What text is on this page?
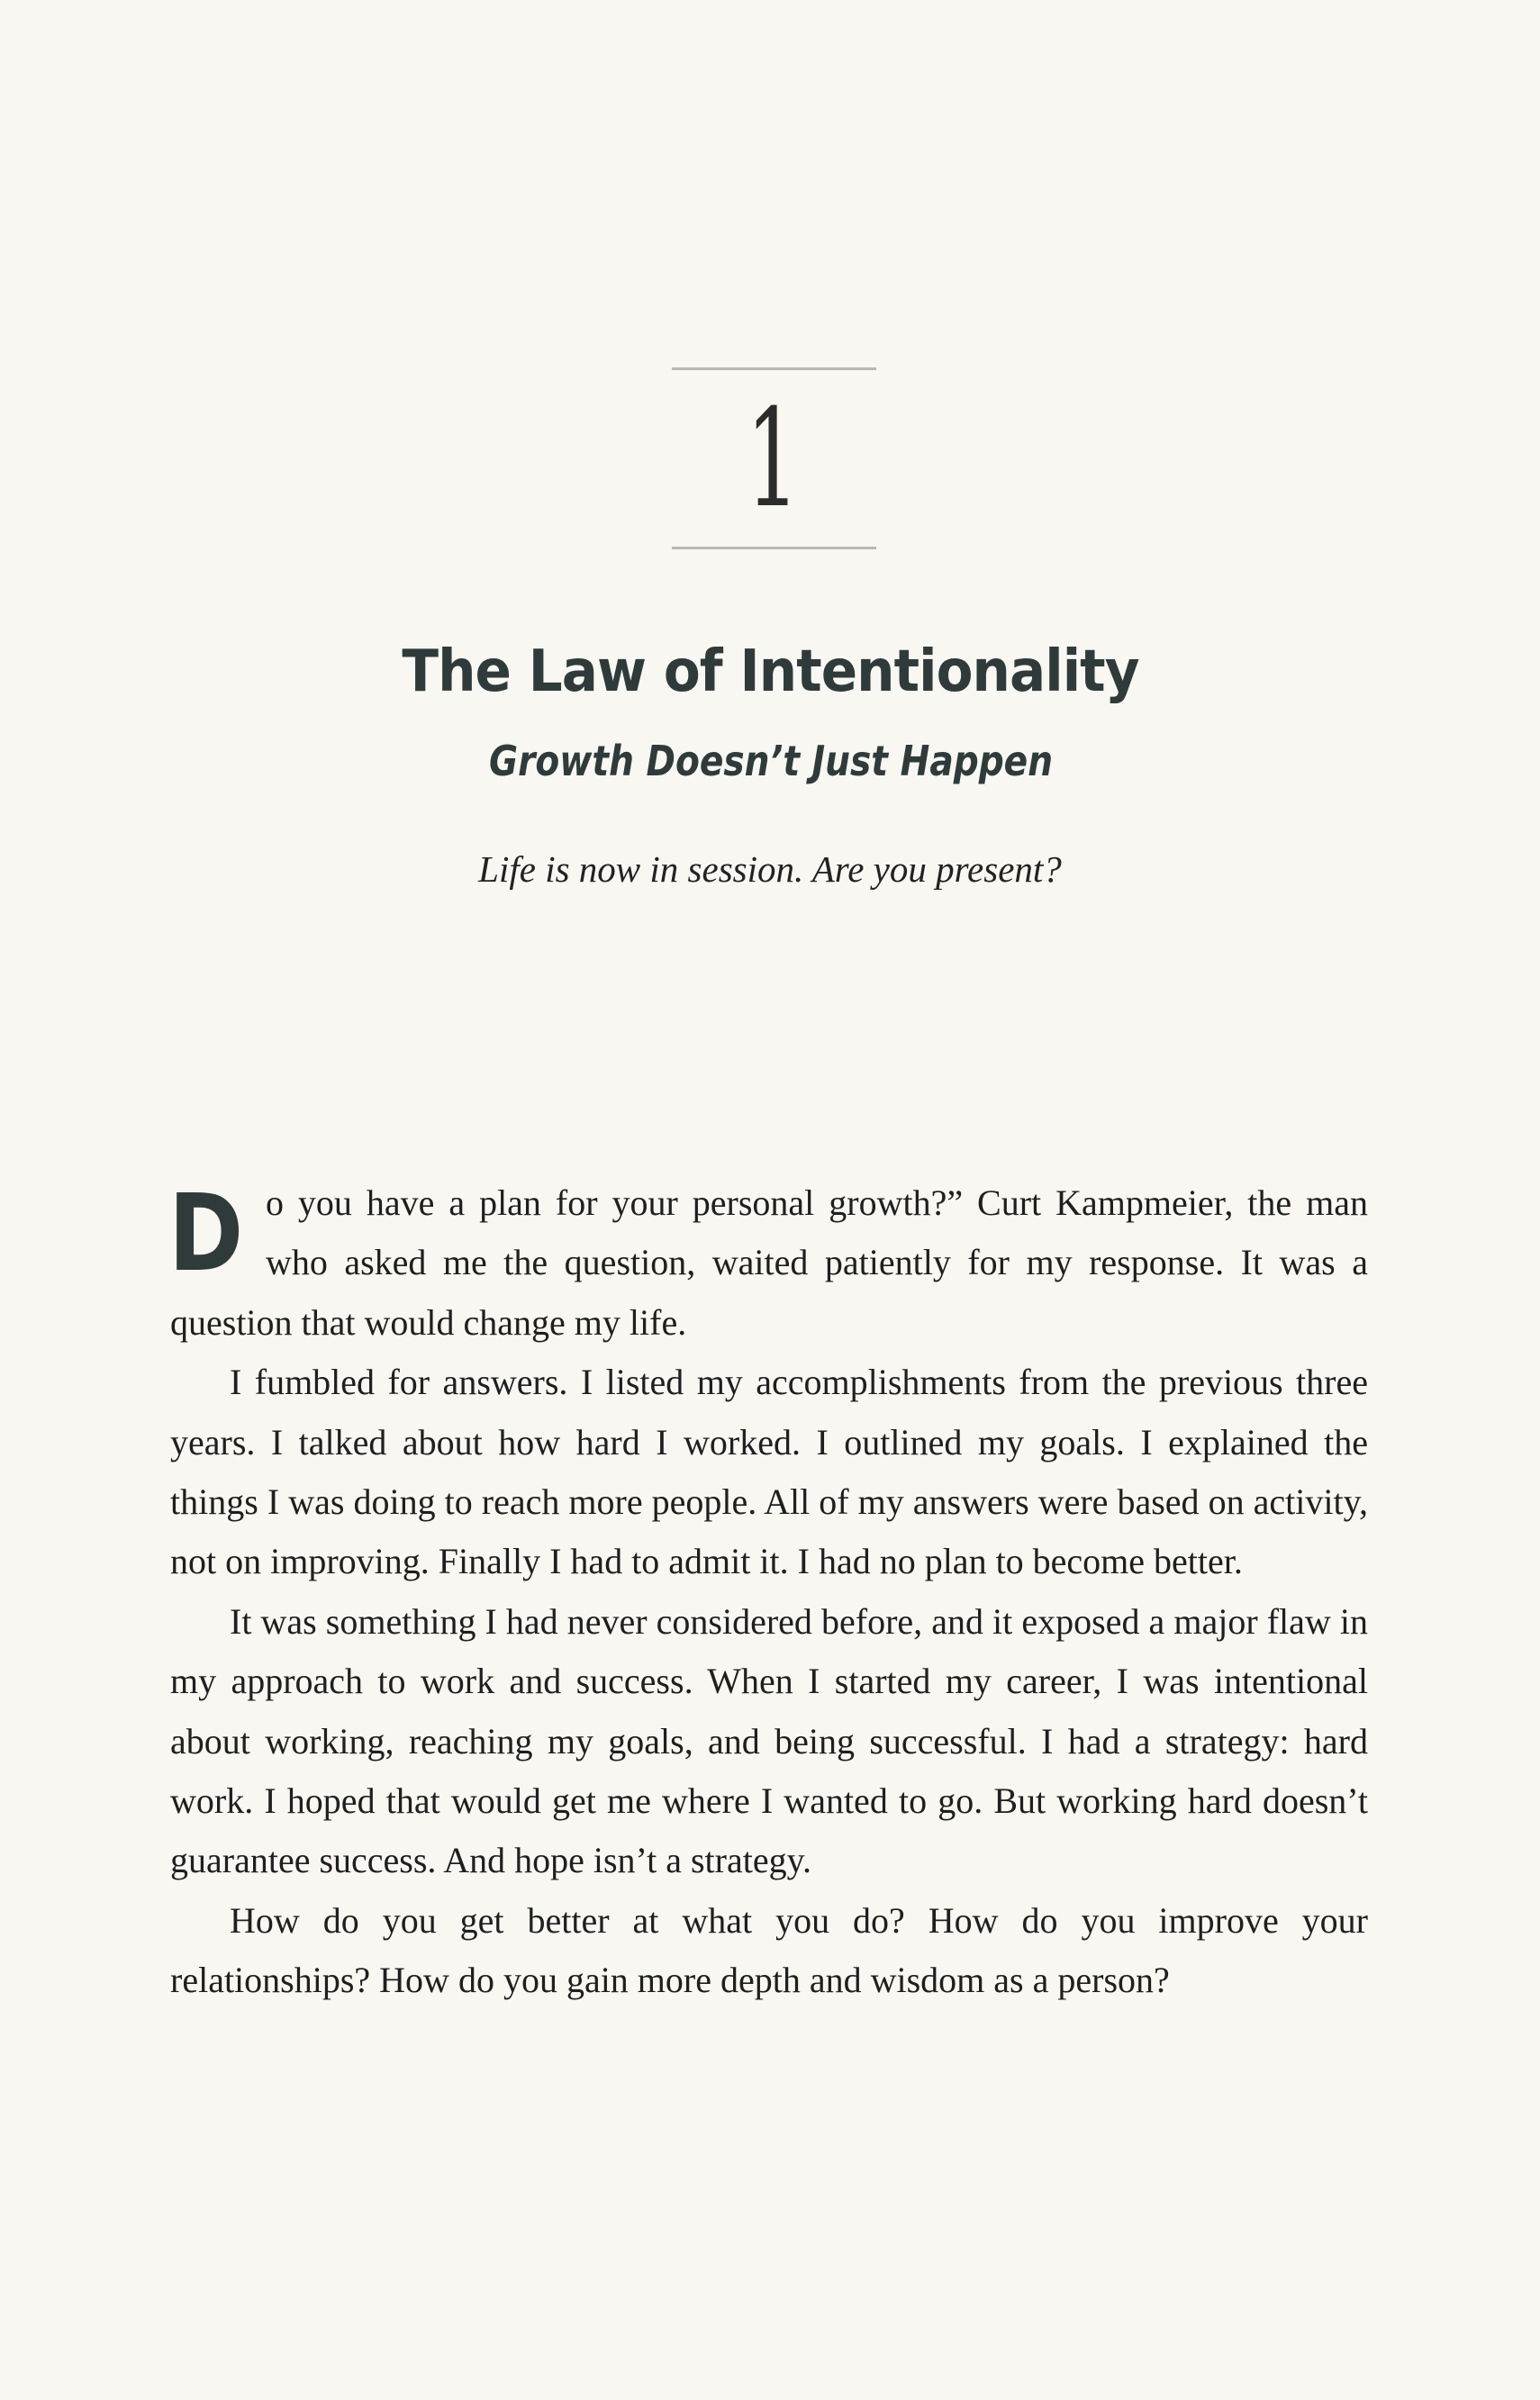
1
The Law of Intentionality
Growth Doesn’t Just Happen
Life is now in session. Are you present?

Do you have a plan for your personal growth?” Curt Kampmeier, the man who asked me the question, waited patiently for my response. It was a question that would change my life.

I fumbled for answers. I listed my accomplishments from the previous three years. I talked about how hard I worked. I outlined my goals. I explained the things I was doing to reach more people. All of my answers were based on activity, not on improving. Finally I had to admit it. I had no plan to become better.

It was something I had never considered before, and it exposed a major flaw in my approach to work and success. When I started my career, I was intentional about working, reaching my goals, and being successful. I had a strategy: hard work. I hoped that would get me where I wanted to go. But working hard doesn’t guarantee success. And hope isn’t a strategy.

How do you get better at what you do? How do you improve your relationships? How do you gain more depth and wisdom as a person?
